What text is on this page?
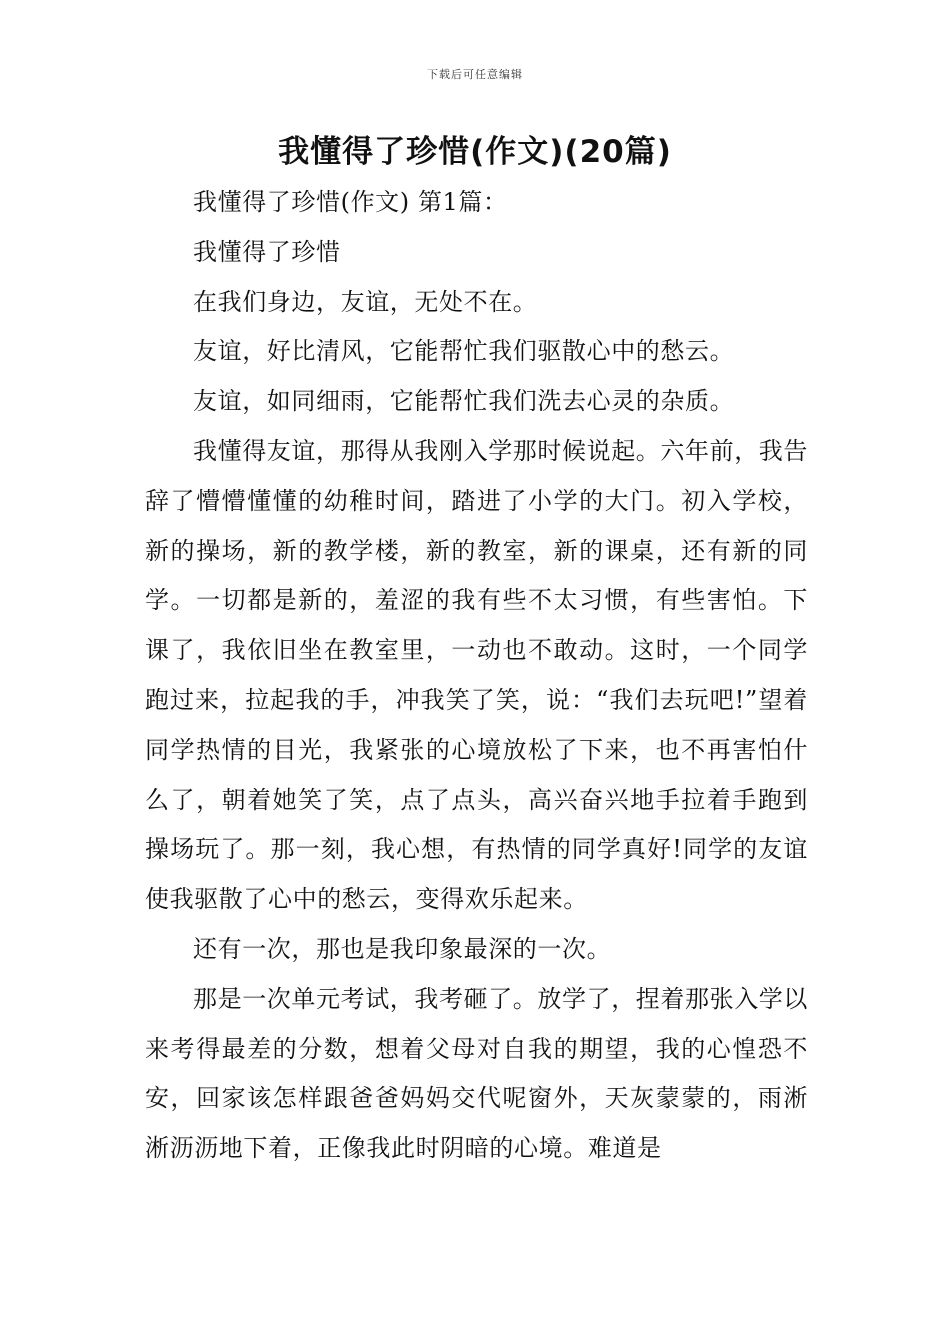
下载后可任意编辑
我懂得了珍惜(作文)(20篇)

我懂得了珍惜(作文) 第1篇：

我懂得了珍惜

在我们身边，友谊，无处不在。

友谊，好比清风，它能帮忙我们驱散心中的愁云。

友谊，如同细雨，它能帮忙我们洗去心灵的杂质。

我懂得友谊，那得从我刚入学那时候说起。六年前，我告辞了懵懵懂懂的幼稚时间，踏进了小学的大门。初入学校，新的操场，新的教学楼，新的教室，新的课桌，还有新的同学。一切都是新的，羞涩的我有些不太习惯，有些害怕。下课了，我依旧坐在教室里，一动也不敢动。这时，一个同学跑过来，拉起我的手，冲我笑了笑，说：“我们去玩吧!”望着同学热情的目光，我紧张的心境放松了下来，也不再害怕什么了，朝着她笑了笑，点了点头，高兴奋兴地手拉着手跑到操场玩了。那一刻，我心想，有热情的同学真好!同学的友谊使我驱散了心中的愁云，变得欢乐起来。

还有一次，那也是我印象最深的一次。

那是一次单元考试，我考砸了。放学了，捏着那张入学以来考得最差的分数，想着父母对自我的期望，我的心惶恐不安，回家该怎样跟爸爸妈妈交代呢窗外，天灰蒙蒙的，雨淅淅沥沥地下着，正像我此时阴暗的心境。难道是
